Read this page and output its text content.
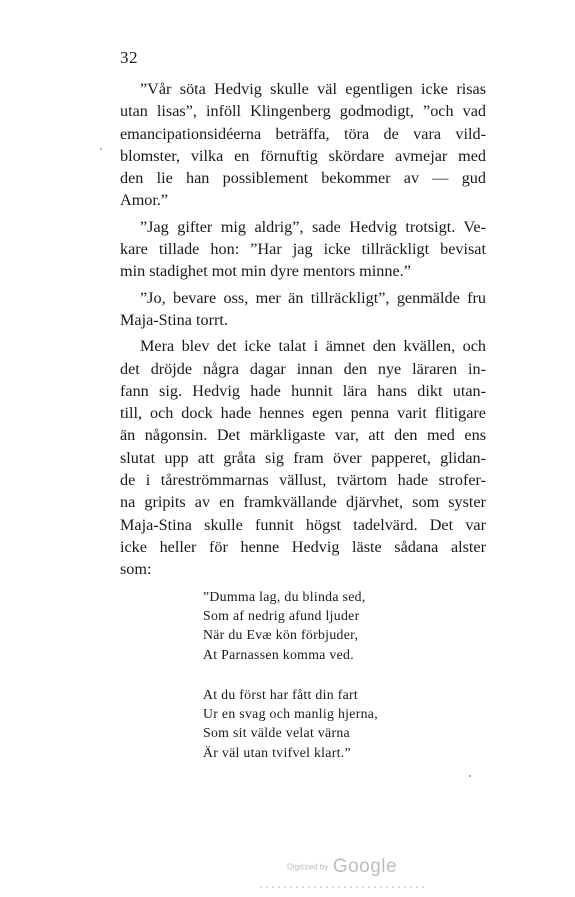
32
”Vår söta Hedvig skulle väl egentligen icke risas
utan lisas”, inföll Klingenberg godmodigt, ”och vad
emancipationsidéerna beträffa, töra de vara vild-
blomster, vilka en förnuftig skördare avmejar med
den lie han possiblement bekommer av — gud
Amor.”
”Jag gifter mig aldrig”, sade Hedvig trotsigt. Ve-
kare tillade hon: ”Har jag icke tillräckligt bevisat
min stadighet mot min dyre mentors minne.”
”Jo, bevare oss, mer än tillräckligt”, genmälde fru
Maja-Stina torrt.
Mera blev det icke talat i ämnet den kvällen, och
det dröjde några dagar innan den nye läraren in-
fann sig. Hedvig hade hunnit lära hans dikt utan-
till, och dock hade hennes egen penna varit flitigare
än någonsin. Det märkligaste var, att den med ens
slutat upp att gråta sig fram över papperet, glidan-
de i tåreströmmarnas vällust, tvärtom hade strofer-
na gripits av en framkvällande djärvhet, som syster
Maja-Stina skulle funnit högst tadelvärd. Det var
icke heller för henne Hedvig läste sådana alster
som:
”Dumma lag, du blinda sed,
Som af nedrig afund ljuder
När du Evæ kön förbjuder,
At Parnassen komma ved.
At du först har fått din fart
Ur en svag och manlig hjerna,
Som sit välde velat värna
Är väl utan tvifvel klart.”
Digitized by Google
